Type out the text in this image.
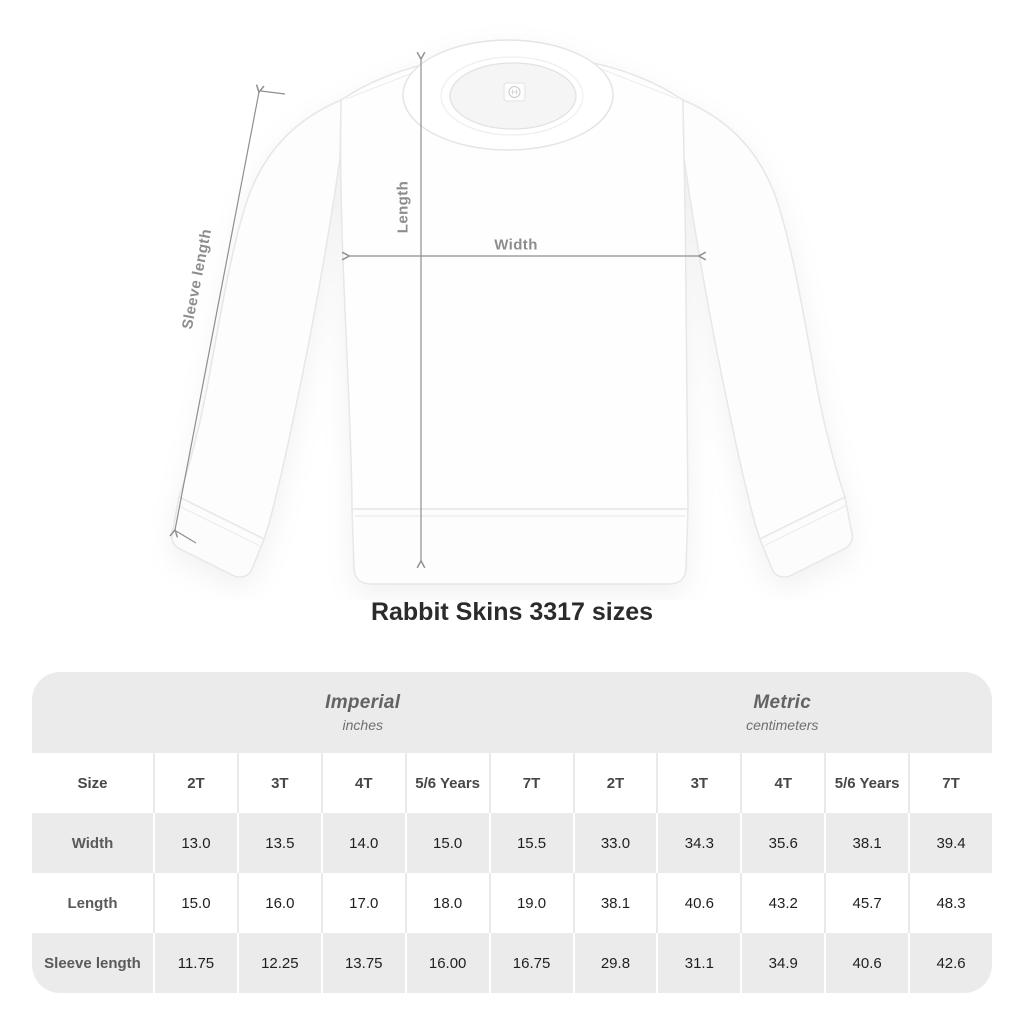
Length
Width
Sleeve length
Rabbit Skins 3317 sizes
Imperial
inches
Metric
centimeters
Size	2T	3T	4T	5/6 Years	7T	2T	3T	4T	5/6 Years	7T
Width	13.0	13.5	14.0	15.0	15.5	33.0	34.3	35.6	38.1	39.4
Length	15.0	16.0	17.0	18.0	19.0	38.1	40.6	43.2	45.7	48.3
Sleeve length	11.75	12.25	13.75	16.00	16.75	29.8	31.1	34.9	40.6	42.6
